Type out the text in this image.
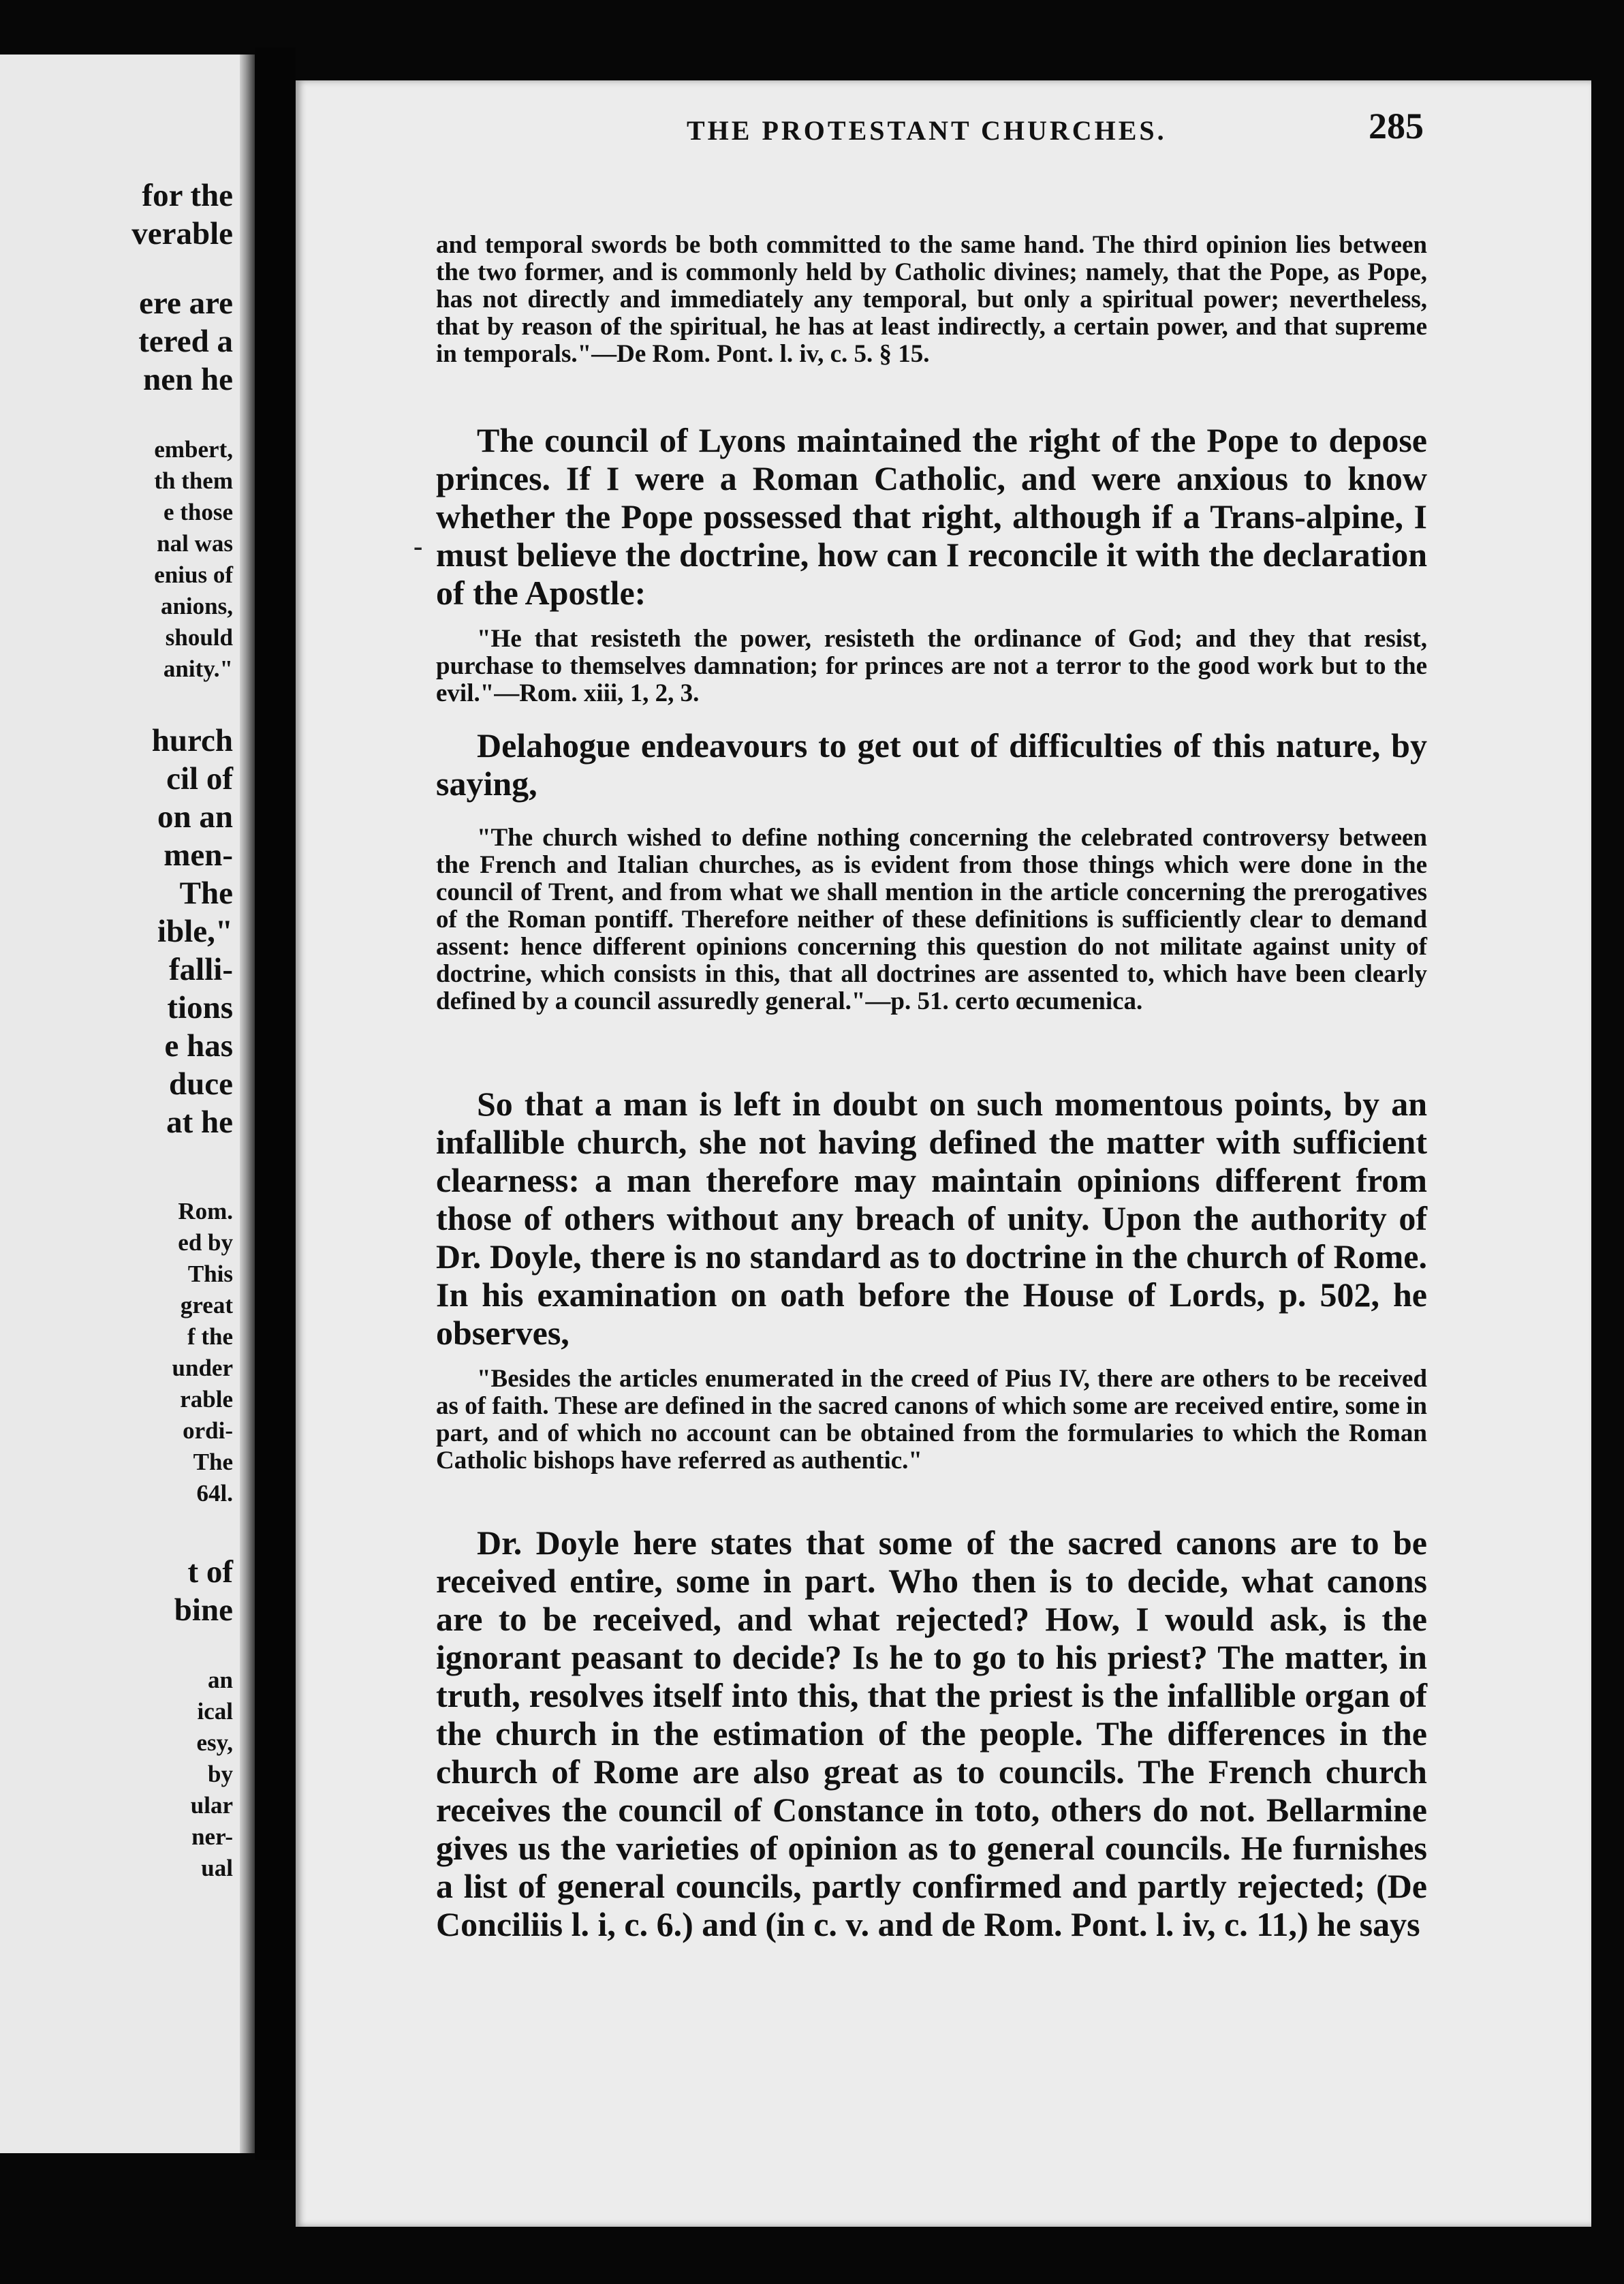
for the
verable
ere are
tered a
nen he
embert,
th them
e those
nal was
enius of
anions,
should
anity."
hurch
cil of
on an
men-
The
ible,"
falli-
tions
e has
duce
at he
Rom.
ed by
This
great
f the
under
rable
ordi-
The
64l.
t of
bine
an
ical
esy,
by
ular
ner-
ual
THE PROTESTANT CHURCHES.	285

and temporal swords be both committed to the same hand. The third opinion lies between the two former, and is commonly held by Catholic divines; namely, that the Pope, as Pope, has not directly and immediately any temporal, but only a spiritual power; nevertheless, that by reason of the spiritual, he has at least indirectly, a certain power, and that supreme in temporals."—De Rom. Pont. l. iv, c. 5. § 15.

The council of Lyons maintained the right of the Pope to depose princes. If I were a Roman Catholic, and were anxious to know whether the Pope possessed that right, although if a Trans-alpine, I must believe the doctrine, how can I reconcile it with the declaration of the Apostle:

"He that resisteth the power, resisteth the ordinance of God; and they that resist, purchase to themselves damnation; for princes are not a terror to the good work but to the evil."—Rom. xiii, 1, 2, 3.

Delahogue endeavours to get out of difficulties of this nature, by saying,

"The church wished to define nothing concerning the celebrated controversy between the French and Italian churches, as is evident from those things which were done in the council of Trent, and from what we shall mention in the article concerning the prerogatives of the Roman pontiff. Therefore neither of these definitions is sufficiently clear to demand assent: hence different opinions concerning this question do not militate against unity of doctrine, which consists in this, that all doctrines are assented to, which have been clearly defined by a council assuredly general."—p. 51. certo œcumenica.

So that a man is left in doubt on such momentous points, by an infallible church, she not having defined the matter with sufficient clearness: a man therefore may maintain opinions different from those of others without any breach of unity. Upon the authority of Dr. Doyle, there is no standard as to doctrine in the church of Rome. In his examination on oath before the House of Lords, p. 502, he observes,

"Besides the articles enumerated in the creed of Pius IV, there are others to be received as of faith. These are defined in the sacred canons of which some are received entire, some in part, and of which no account can be obtained from the formularies to which the Roman Catholic bishops have referred as authentic."

Dr. Doyle here states that some of the sacred canons are to be received entire, some in part. Who then is to decide, what canons are to be received, and what rejected? How, I would ask, is the ignorant peasant to decide? Is he to go to his priest? The matter, in truth, resolves itself into this, that the priest is the infallible organ of the church in the estimation of the people. The differences in the church of Rome are also great as to councils. The French church receives the council of Constance in toto, others do not. Bellarmine gives us the varieties of opinion as to general councils. He furnishes a list of general councils, partly confirmed and partly rejected; (De Conciliis l. i, c. 6.) and (in c. v. and de Rom. Pont. l. iv, c. 11,) he says

-
